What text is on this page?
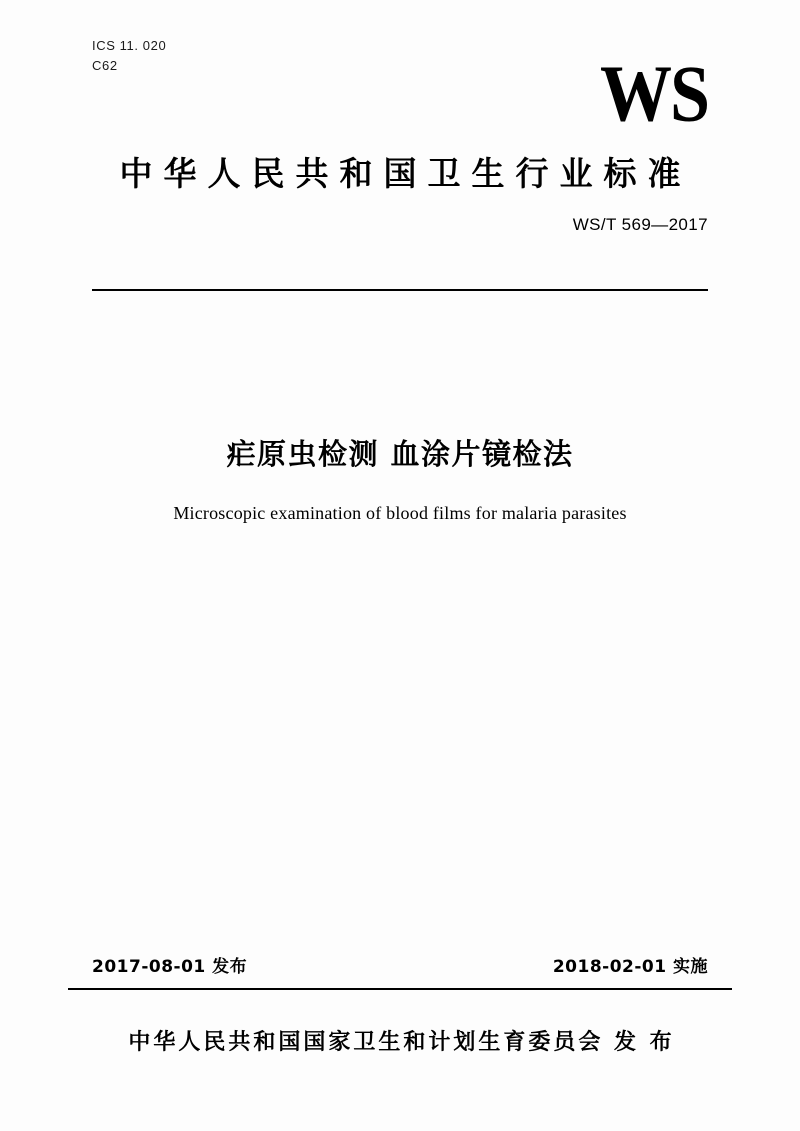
ICS 11. 020
C62	WS
中华人民共和国卫生行业标准
WS/T 569—2017
疟原虫检测 血涂片镜检法
Microscopic examination of blood films for malaria parasites
2017-08-01 发布	2018-02-01 实施
中华人民共和国国家卫生和计划生育委员会 发 布
